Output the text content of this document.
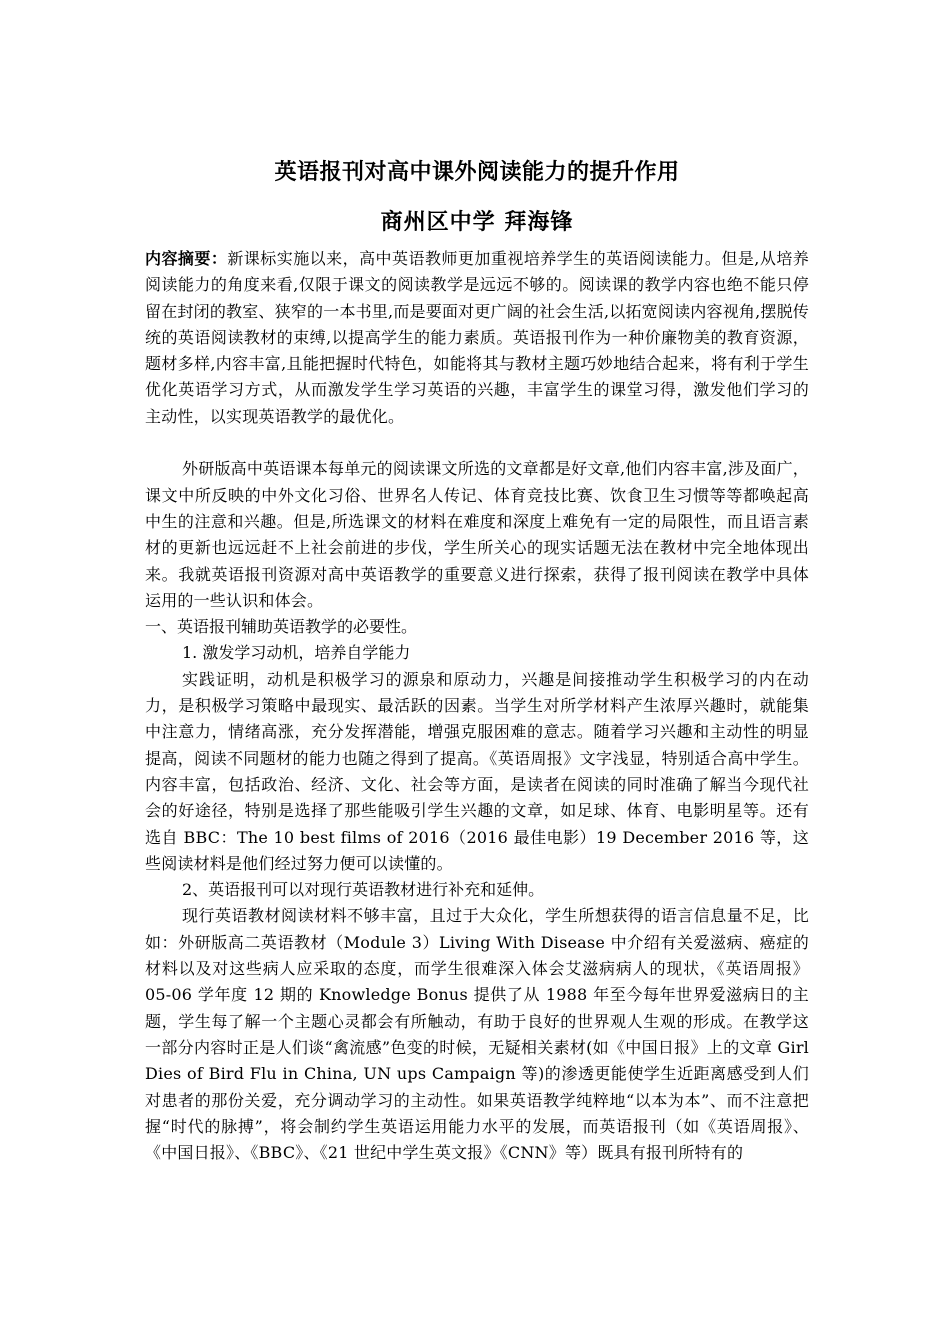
英语报刊对高中课外阅读能力的提升作用
商州区中学 拜海锋

内容摘要：新课标实施以来，高中英语教师更加重视培养学生的英语阅读能力。但是,从培养阅读能力的角度来看,仅限于课文的阅读教学是远远不够的。阅读课的教学内容也绝不能只停留在封闭的教室、狭窄的一本书里,而是要面对更广阔的社会生活,以拓宽阅读内容视角,摆脱传统的英语阅读教材的束缚,以提高学生的能力素质。英语报刊作为一种价廉物美的教育资源，题材多样,内容丰富,且能把握时代特色，如能将其与教材主题巧妙地结合起来，将有利于学生优化英语学习方式，从而激发学生学习英语的兴趣，丰富学生的课堂习得，激发他们学习的主动性，以实现英语教学的最优化。

外研版高中英语课本每单元的阅读课文所选的文章都是好文章,他们内容丰富,涉及面广，课文中所反映的中外文化习俗、世界名人传记、体育竞技比赛、饮食卫生习惯等等都唤起高中生的注意和兴趣。但是,所选课文的材料在难度和深度上难免有一定的局限性，而且语言素材的更新也远远赶不上社会前进的步伐，学生所关心的现实话题无法在教材中完全地体现出来。我就英语报刊资源对高中英语教学的重要意义进行探索，获得了报刊阅读在教学中具体运用的一些认识和体会。

一、英语报刊辅助英语教学的必要性。

1. 激发学习动机，培养自学能力

实践证明，动机是积极学习的源泉和原动力，兴趣是间接推动学生积极学习的内在动力，是积极学习策略中最现实、最活跃的因素。当学生对所学材料产生浓厚兴趣时，就能集中注意力，情绪高涨，充分发挥潜能，增强克服困难的意志。随着学习兴趣和主动性的明显提高，阅读不同题材的能力也随之得到了提高。《英语周报》文字浅显，特别适合高中学生。内容丰富，包括政治、经济、文化、社会等方面，是读者在阅读的同时准确了解当今现代社会的好途径，特别是选择了那些能吸引学生兴趣的文章，如足球、体育、电影明星等。还有选自 BBC：The 10 best films of 2016（2016 最佳电影）19 December 2016 等，这些阅读材料是他们经过努力便可以读懂的。

2、英语报刊可以对现行英语教材进行补充和延伸。

现行英语教材阅读材料不够丰富，且过于大众化，学生所想获得的语言信息量不足，比如：外研版高二英语教材（Module 3）Living With Disease 中介绍有关爱滋病、癌症的材料以及对这些病人应采取的态度，而学生很难深入体会艾滋病病人的现状，《英语周报》05-06 学年度 12 期的 Knowledge Bonus 提供了从 1988 年至今每年世界爱滋病日的主题，学生每了解一个主题心灵都会有所触动，有助于良好的世界观人生观的形成。在教学这一部分内容时正是人们谈“禽流感”色变的时候，无疑相关素材(如《中国日报》上的文章 Girl Dies of Bird Flu in China, UN ups Campaign 等)的渗透更能使学生近距离感受到人们对患者的那份关爱，充分调动学习的主动性。如果英语教学纯粹地“以本为本”、而不注意把握“时代的脉搏”，将会制约学生英语运用能力水平的发展，而英语报刊（如《英语周报》、《中国日报》、《BBC》、《21 世纪中学生英文报》《CNN》等）既具有报刊所特有的
